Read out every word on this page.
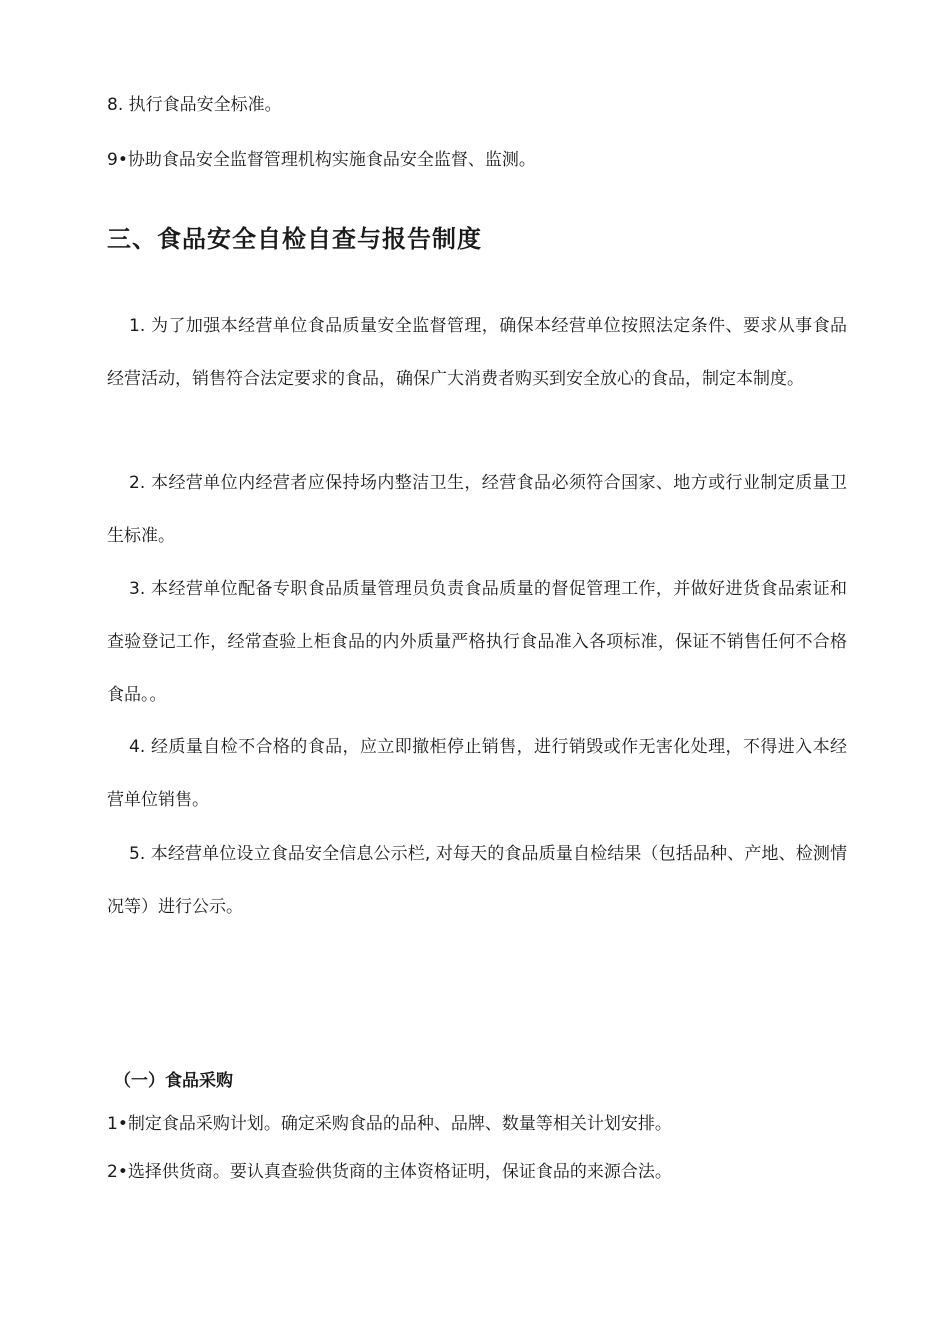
8. 执行食品安全标准。
9•协助食品安全监督管理机构实施食品安全监督、监测。
三、食品安全自检自查与报告制度

1. 为了加强本经营单位食品质量安全监督管理，确保本经营单位按照法定条件、要求从事食品经营活动，销售符合法定要求的食品，确保广大消费者购买到安全放心的食品，制定本制度。

2. 本经营单位内经营者应保持场内整洁卫生，经营食品必须符合国家、地方或行业制定质量卫生标准。

3. 本经营单位配备专职食品质量管理员负责食品质量的督促管理工作，并做好进货食品索证和查验登记工作，经常查验上柜食品的内外质量严格执行食品准入各项标准，保证不销售任何不合格食品。。

4. 经质量自检不合格的食品，应立即撤柜停止销售，进行销毁或作无害化处理，不得进入本经营单位销售。

5. 本经营单位设立食品安全信息公示栏, 对每天的食品质量自检结果（包括品种、产地、检测情况等）进行公示。

（一）食品采购
1•制定食品采购计划。确定采购食品的品种、品牌、数量等相关计划安排。
2•选择供货商。要认真查验供货商的主体资格证明，保证食品的来源合法。
